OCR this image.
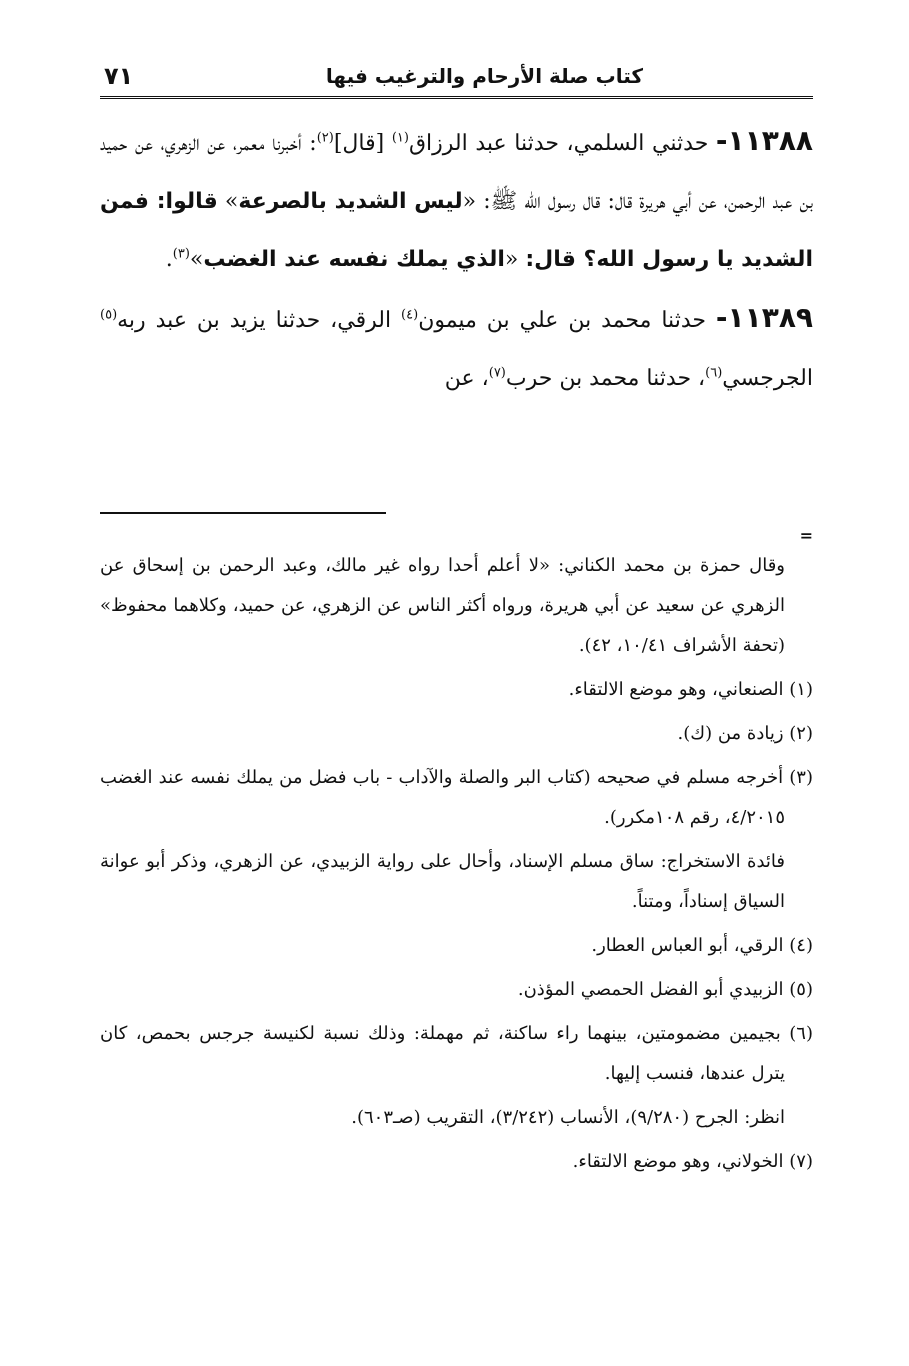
كتاب صلة الأرحام والترغيب فيها
٧١

١١٣٨٨- حدثني السلمي، حدثنا عبد الرزاق$^{(١)}$ [قال]$^{(٢)}$: أخبرنا معمر، عن الزهري، عن حميد بن عبد الرحمن، عن أبي هريرة قال: قال رسول الله ﷺ: «ليس الشديد بالصرعة» قالوا: فمن الشديد يا رسول الله؟ قال: «الذي يملك نفسه عند الغضب»$^{(٣)}$.

١١٣٨٩- حدثنا محمد بن علي بن ميمون$^{(٤)}$ الرقي، حدثنا يزيد بن عبد ربه$^{(٥)}$ الجرجسي$^{(٦)}$، حدثنا محمد بن حرب$^{(٧)}$، عن

=

وقال حمزة بن محمد الكناني: «لا أعلم أحدا رواه غير مالك، وعبد الرحمن بن إسحاق عن الزهري عن سعيد عن أبي هريرة، ورواه أكثر الناس عن الزهري، عن حميد، وكلاهما محفوظ» (تحفة الأشراف ١٠/٤١، ٤٢).

(١) الصنعاني، وهو موضع الالتقاء.

(٢) زيادة من (ك).

(٣) أخرجه مسلم في صحيحه (كتاب البر والصلة والآداب - باب فضل من يملك نفسه عند الغضب ٤/٢٠١٥، رقم ١٠٨مكرر).

فائدة الاستخراج: ساق مسلم الإسناد، وأحال على رواية الزبيدي، عن الزهري، وذكر أبو عوانة السياق إسناداً، ومتناً.

(٤) الرقي، أبو العباس العطار.

(٥) الزبيدي أبو الفضل الحمصي المؤذن.

(٦) بجيمين مضمومتين، بينهما راء ساكنة، ثم مهملة: وذلك نسبة لكنيسة جرجس بحمص، كان يترل عندها، فنسب إليها.

انظر: الجرح (٩/٢٨٠)، الأنساب (٣/٢٤٢)، التقريب (صـ٦٠٣).

(٧) الخولاني، وهو موضع الالتقاء.
